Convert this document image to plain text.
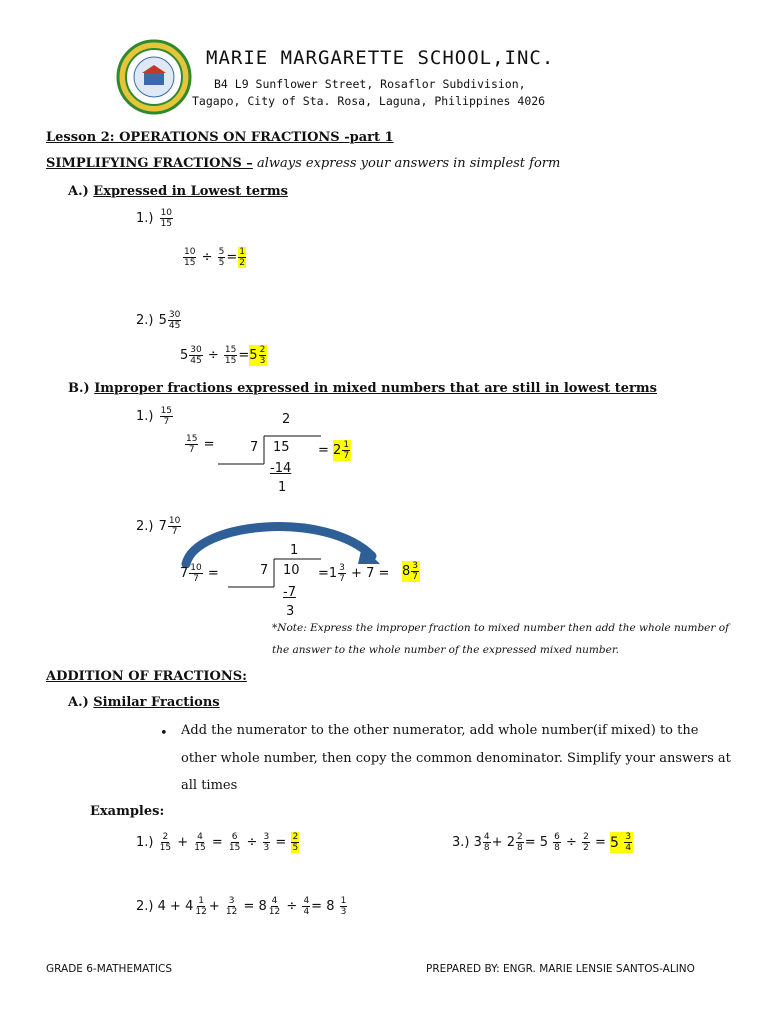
MARIE MARGARETTE SCHOOL,INC.
B4 L9 Sunflower Street, Rosaflor Subdivision,
Tagapo, City of Sta. Rosa, Laguna, Philippines 4026
Lesson 2: OPERATIONS ON FRACTIONS -part 1
SIMPLIFYING FRACTIONS – always express your answers in simplest form
A.) Expressed in Lowest terms
1.)
$\frac{10}{15}$
$\frac{10}{15}$
÷
$\frac{5}{5} = \frac{1}{2}$
2.)
$5 \frac{30}{45}$
$5 \frac{30}{45}$
÷
$\frac{15}{15} = 5 \frac{2}{3}$
B.) Improper fractions expressed in mixed numbers that are still in lowest terms
1.)
$\frac{15}{7}$
$\frac{15}{7}$
=
2
7 15
-14
1
=
$2 \frac{1}{7}$
2.)
$7 \frac{10}{7}$
1
$7 \frac{10}{7}$
=	7 10
-7
3
$=1 \frac{3}{7}$
+ $7 = 8 \frac{3}{7}$
*Note: Express the improper fraction to mixed number then add the whole number of
the answer to the whole number of the expressed mixed number.
ADDITION OF FRACTIONS:
A.) Similar Fractions
• Add the numerator to the other numerator, add whole number(if mixed) to the
other whole number, then copy the common denominator. Simplify your answers at
all times
Examples:
1.)
$\frac{2}{15}$
+
$\frac{4}{15}$
=
$\frac{6}{15}$
÷
$\frac{3}{3}$
=
$\frac{2}{5}$	3.)
$3 \frac{4}{8}$ +
$2 \frac{2}{8}$ =
5
$\frac{6}{8}$
÷
$\frac{2}{2}$
=
5
$\frac{3}{4}$
2.)
4
+
$4 \frac{1}{12}$ +
$\frac{3}{12}$
=
$8 \frac{4}{12}$
÷
$\frac{4}{4}$ =
8
$\frac{1}{3}$
GRADE 6-MATHEMATICS	PREPARED BY: ENGR. MARIE LENSIE SANTOS-ALINO
